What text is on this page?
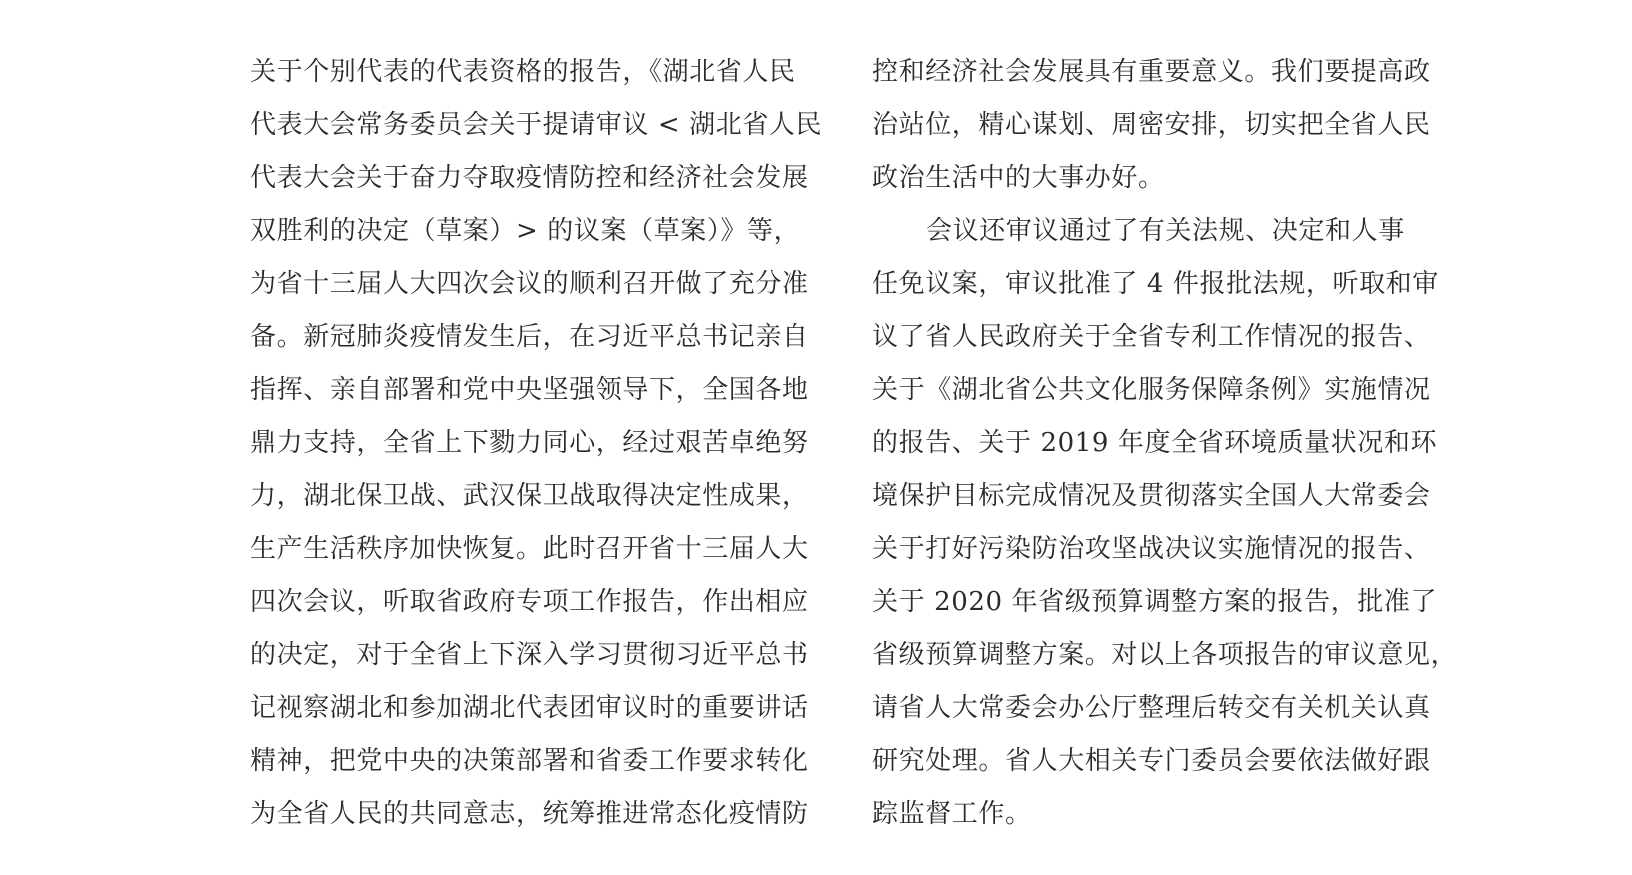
关于个别代表的代表资格的报告，《湖北省人民
代表大会常务委员会关于提请审议 < 湖北省人民
代表大会关于奋力夺取疫情防控和经济社会发展
双胜利的决定（草案）> 的议案（草案）》等，
为省十三届人大四次会议的顺利召开做了充分准
备。新冠肺炎疫情发生后，在习近平总书记亲自
指挥、亲自部署和党中央坚强领导下，全国各地
鼎力支持，全省上下勠力同心，经过艰苦卓绝努
力，湖北保卫战、武汉保卫战取得决定性成果，
生产生活秩序加快恢复。此时召开省十三届人大
四次会议，听取省政府专项工作报告，作出相应
的决定，对于全省上下深入学习贯彻习近平总书
记视察湖北和参加湖北代表团审议时的重要讲话
精神，把党中央的决策部署和省委工作要求转化
为全省人民的共同意志，统筹推进常态化疫情防
控和经济社会发展具有重要意义。我们要提高政
治站位，精心谋划、周密安排，切实把全省人民
政治生活中的大事办好。
会议还审议通过了有关法规、决定和人事
任免议案，审议批准了 4 件报批法规，听取和审
议了省人民政府关于全省专利工作情况的报告、
关于《湖北省公共文化服务保障条例》实施情况
的报告、关于 2019 年度全省环境质量状况和环
境保护目标完成情况及贯彻落实全国人大常委会
关于打好污染防治攻坚战决议实施情况的报告、
关于 2020 年省级预算调整方案的报告，批准了
省级预算调整方案。对以上各项报告的审议意见，
请省人大常委会办公厅整理后转交有关机关认真
研究处理。省人大相关专门委员会要依法做好跟
踪监督工作。
